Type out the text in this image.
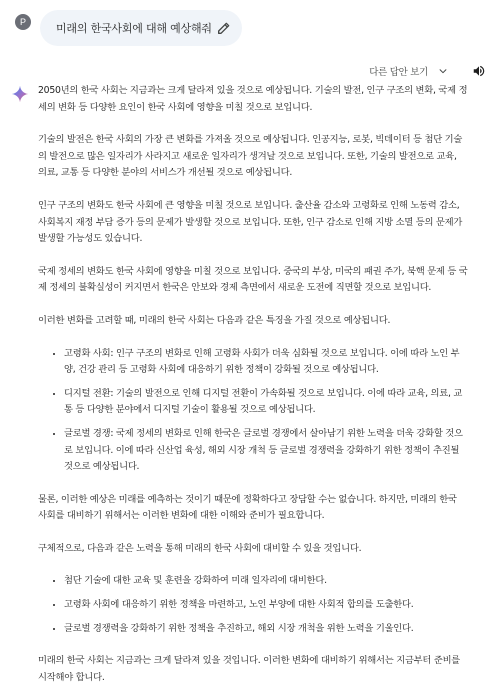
P	미래의 한국사회에 대해 예상해줘
다른 답안 보기

2050년의 한국 사회는 지금과는 크게 달라져 있을 것으로 예상됩니다. 기술의 발전, 인구 구조의 변화, 국제 정세의 변화 등 다양한 요인이 한국 사회에 영향을 미칠 것으로 보입니다.

기술의 발전은 한국 사회의 가장 큰 변화를 가져올 것으로 예상됩니다. 인공지능, 로봇, 빅데이터 등 첨단 기술의 발전으로 많은 일자리가 사라지고 새로운 일자리가 생겨날 것으로 보입니다. 또한, 기술의 발전으로 교육, 의료, 교통 등 다양한 분야의 서비스가 개선될 것으로 예상됩니다.

인구 구조의 변화도 한국 사회에 큰 영향을 미칠 것으로 보입니다. 출산율 감소와 고령화로 인해 노동력 감소, 사회복지 재정 부담 증가 등의 문제가 발생할 것으로 보입니다. 또한, 인구 감소로 인해 지방 소멸 등의 문제가 발생할 가능성도 있습니다.

국제 정세의 변화도 한국 사회에 영향을 미칠 것으로 보입니다. 중국의 부상, 미국의 패권 주가, 북핵 문제 등 국제 정세의 불확실성이 커지면서 한국은 안보와 경제 측면에서 새로운 도전에 직면할 것으로 보입니다.

이러한 변화를 고려할 때, 미래의 한국 사회는 다음과 같은 특징을 가질 것으로 예상됩니다.

• 고령화 사회: 인구 구조의 변화로 인해 고령화 사회가 더욱 심화될 것으로 보입니다. 이에 따라 노인 부양, 건강 관리 등 고령화 사회에 대응하기 위한 정책이 강화될 것으로 예상됩니다.
• 디지털 전환: 기술의 발전으로 인해 디지털 전환이 가속화될 것으로 보입니다. 이에 따라 교육, 의료, 교통 등 다양한 분야에서 디지털 기술이 활용될 것으로 예상됩니다.
• 글로벌 경쟁: 국제 정세의 변화로 인해 한국은 글로벌 경쟁에서 살아남기 위한 노력을 더욱 강화할 것으로 보입니다. 이에 따라 신산업 육성, 해외 시장 개척 등 글로벌 경쟁력을 강화하기 위한 정책이 추진될 것으로 예상됩니다.

물론, 이러한 예상은 미래를 예측하는 것이기 때문에 정확하다고 장담할 수는 없습니다. 하지만, 미래의 한국 사회를 대비하기 위해서는 이러한 변화에 대한 이해와 준비가 필요합니다.

구체적으로, 다음과 같은 노력을 통해 미래의 한국 사회에 대비할 수 있을 것입니다.

• 첨단 기술에 대한 교육 및 훈련을 강화하여 미래 일자리에 대비한다.
• 고령화 사회에 대응하기 위한 정책을 마련하고, 노인 부양에 대한 사회적 합의를 도출한다.
• 글로벌 경쟁력을 강화하기 위한 정책을 추진하고, 해외 시장 개척을 위한 노력을 기울인다.

미래의 한국 사회는 지금과는 크게 달라져 있을 것입니다. 이러한 변화에 대비하기 위해서는 지금부터 준비를 시작해야 합니다.
